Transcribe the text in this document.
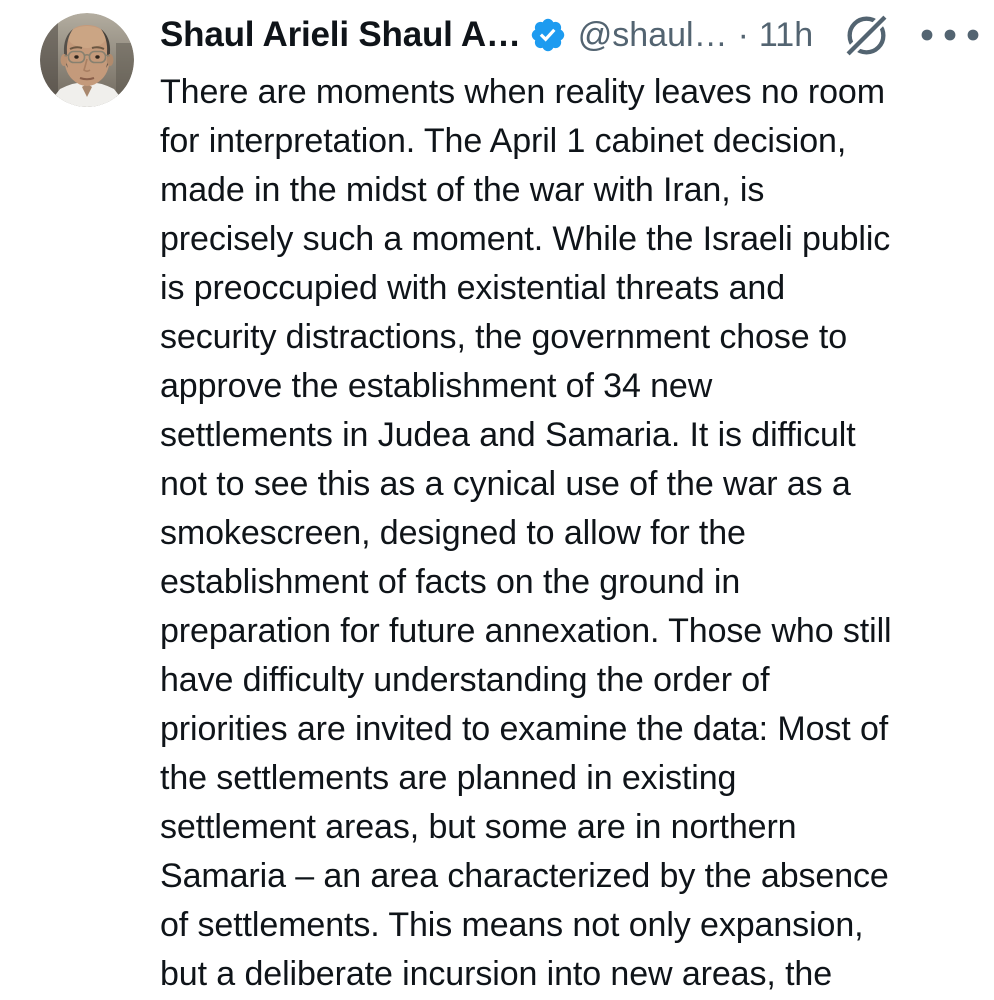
Shaul Arieli Shaul A… @shaul… · 11h
There are moments when reality leaves no room
for interpretation. The April 1 cabinet decision,
made in the midst of the war with Iran, is
precisely such a moment. While the Israeli public
is preoccupied with existential threats and
security distractions, the government chose to
approve the establishment of 34 new
settlements in Judea and Samaria. It is difficult
not to see this as a cynical use of the war as a
smokescreen, designed to allow for the
establishment of facts on the ground in
preparation for future annexation. Those who still
have difficulty understanding the order of
priorities are invited to examine the data: Most of
the settlements are planned in existing
settlement areas, but some are in northern
Samaria – an area characterized by the absence
of settlements. This means not only expansion,
but a deliberate incursion into new areas, the
